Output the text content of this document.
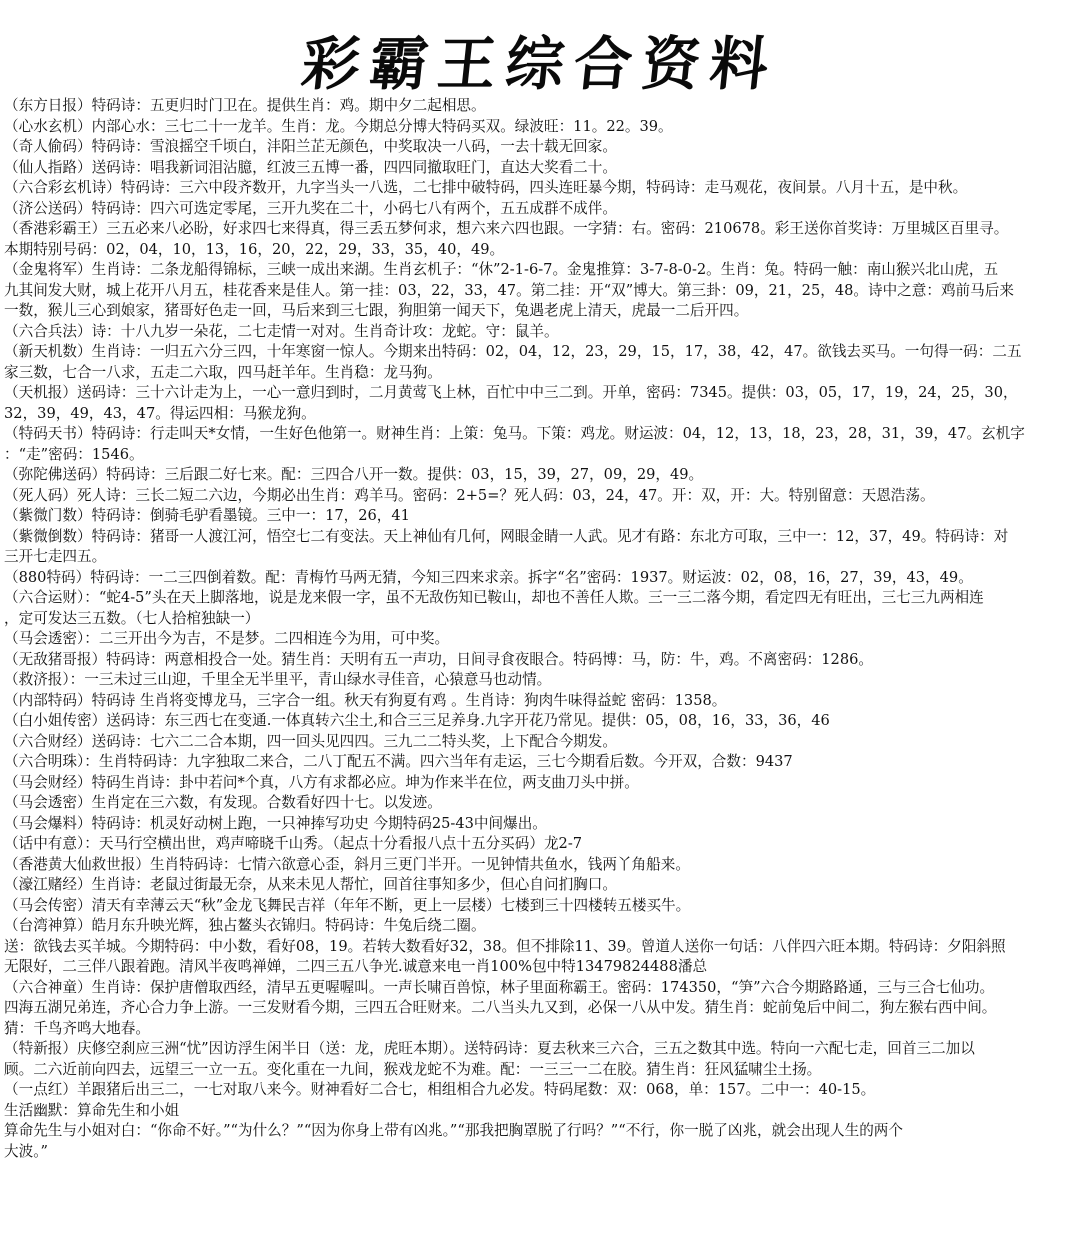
彩霸王综合资料
（东方日报）特码诗：五更归时门卫在。提供生肖：鸡。期中夕二起相思。
（心水玄机）内部心水：三七二十一龙羊。生肖：龙。今期总分博大特码买双。绿波旺：11。22。39。
（奇人偷码）特码诗：雪浪摇空千顷白，沣阳兰芷无颜色，中奖取决一八码，一去十载无回家。
（仙人指路）送码诗：唱我新词泪沾臆，红波三五博一番，四四同撤取旺门，直达大奖看二十。
（六合彩玄机诗）特码诗：三六中段齐数开，九字当头一八选，二七排中破特码，四头连旺暴今期，特码诗：走马观花，夜间景。八月十五，是中秋。
（济公送码）特码诗：四六可选定零尾，三开九奖在二十，小码七八有两个，五五成群不成伴。
（香港彩霸王）三五必来八必盼，好求四七来得真，得三丢五梦何求，想六来六四也跟。一字猜：右。密码：210678。彩王送你首奖诗：万里城区百里寻。
本期特别号码：02，04，10，13，16，20，22，29，33，35，40，49。
（金鬼将军）生肖诗：二条龙船得锦标，三峡一成出来湖。生肖玄机子：“休”2-1-6-7。金鬼推算：3-7-8-0-2。生肖：兔。特码一触：南山猴兴北山虎，五
九其间发大财，城上花开八月五，桂花香来是佳人。第一挂：03，22，33，47。第二挂：开“双”博大。第三卦：09，21，25，48。诗中之意：鸡前马后来
一数，猴儿三心到娘家，猪哥好色走一回，马后来到三七跟，狗胆第一闻天下，兔遇老虎上清天，虎最一二后开四。
（六合兵法）诗：十八九岁一朵花，二七走情一对对。生肖奇计攻：龙蛇。守：鼠羊。
（新天机数）生肖诗：一归五六分三四，十年寒窗一惊人。今期来出特码：02，04，12，23，29，15，17，38，42，47。欲钱去买马。一句得一码：二五
家三数，七合一八求，五走二六取，四马赶羊年。生肖稳：龙马狗。
（天机报）送码诗：三十六计走为上，一心一意归到时，二月黄莺飞上林，百忙中中三二到。开单，密码：7345。提供：03，05，17，19，24，25，30，
32，39，49，43，47。得运四相：马猴龙狗。
（特码天书）特码诗：行走叫天*女情，一生好色他第一。财神生肖：上策：兔马。下策：鸡龙。财运波：04，12，13，18，23，28，31，39，47。玄机字
：“走”密码：1546。
（弥陀佛送码）特码诗：三后跟二好七来。配：三四合八开一数。提供：03，15，39，27，09，29，49。
（死人码）死人诗：三长二短二六边，今期必出生肖：鸡羊马。密码：2+5=？死人码：03，24，47。开：双，开：大。特别留意：天恩浩荡。
（紫微门数）特码诗：倒骑毛驴看墨镜。三中一：17，26，41
（紫微倒数）特码诗：猪哥一人渡江河，悟空七二有变法。天上神仙有几何，网眼金睛一人武。见才有路：东北方可取，三中一：12，37，49。特码诗：对
三开七走四五。
（880特码）特码诗：一二三四倒着数。配：青梅竹马两无猜，今知三四来求亲。拆字“名”密码：1937。财运波：02，08，16，27，39，43，49。
（六合运财）：“蛇4-5”头在天上脚落地，说是龙来假一字，虽不无敌伤知已鞍山，却也不善任人欺。三一三二落今期，看定四无有旺出，三七三九两相连
，定可发达三五数。（七人拾棺独缺一）
（马会透密）：二三开出今为吉，不是梦。二四相连今为用，可中奖。
（无敌猪哥报）特码诗：两意相投合一处。猜生肖：天明有五一声功，日间寻食夜眼合。特码博：马，防：牛，鸡。不离密码：1286。
（救济报）：一三未过三山迎，千里全无半里平，青山绿水寻佳音，心猿意马也动情。
（内部特码）特码诗 生肖将变博龙马，三字合一组。秋天有狗夏有鸡 。生肖诗：狗肉牛味得益蛇 密码：1358。
（白小姐传密）送码诗：东三西七在变通.一体真转六尘土,和合三三足养身.九字开花乃常见。提供：05，08，16，33，36，46
（六合财经）送码诗：七六二二合本期，四一回头见四四。三九二二特头奖，上下配合今期发。
（六合明珠）：生肖特码诗：九字独取二来合，二八丁配五不满。四六当年有走运，三七今期看后数。今开双，合数：9437
（马会财经）特码生肖诗：卦中若问*个真，八方有求都必应。坤为作来半在位，两支曲刀头中拼。
（马会透密）生肖定在三六数，有发现。合数看好四十七。以发迹。
（马会爆料）特码诗：机灵好动树上跑，一只神捧写功史 今期特码25-43中间爆出。
（话中有意）：天马行空横出世，鸡声啼晓千山秀。（起点十分看报八点十五分买码）龙2-7
（香港黄大仙救世报）生肖特码诗：七情六欲意心歪，斜月三更门半开。一见钟情共鱼水，钱两丫角船来。
（濠江赌经）生肖诗：老鼠过街最无奈，从来未见人帮忙，回首往事知多少，但心自问扪胸口。
（马会传密）清天有幸薄云天“秋”金龙飞舞民吉祥（年年不断，更上一层楼）七楼到三十四楼转五楼买牛。
（台湾神算）皓月东升映光辉，独占鳌头衣锦归。特码诗：牛兔后绕二圈。
送：欲钱去买羊城。今期特码：中小数，看好08，19。若转大数看好32，38。但不排除11、39。曾道人送你一句话：八伴四六旺本期。特码诗：夕阳斜照
无限好，二三伴八跟着跑。清风半夜鸣禅婵，二四三五八争光.诚意来电一肖100%包中特13479824488潘总
（六合神童）生肖诗：保护唐僧取西经，清早五更喔喔叫。一声长啸百兽惊，林子里面称霸王。密码：174350，“笋”六合今期路路通，三与三合七仙功。
四海五湖兄弟连，齐心合力争上游。一三发财看今期，三四五合旺财来。二八当头九又到，必保一八从中发。猜生肖：蛇前兔后中间二，狗左猴右西中间。
猜：千鸟齐鸣大地春。
（特新报）庆修空刹应三洲“忧”因访浮生闲半日（送：龙，虎旺本期）。送特码诗：夏去秋来三六合，三五之数其中选。特向一六配七走，回首三二加以
顾。二六近前向四去，远望三一立一五。变化重在一九间，猴戏龙蛇不为难。配：一三三一二在胶。猜生肖：狂风猛啸尘土扬。
（一点红）羊跟猪后出三二，一七对取八来今。财神看好二合七，相组相合九必发。特码尾数：双：068，单：157。二中一：40-15。
生活幽默：算命先生和小姐
算命先生与小姐对白：“你命不好。”“为什么？”“因为你身上带有凶兆。”“那我把胸罩脱了行吗？”“不行，你一脱了凶兆，就会出现人生的两个
大波。”
